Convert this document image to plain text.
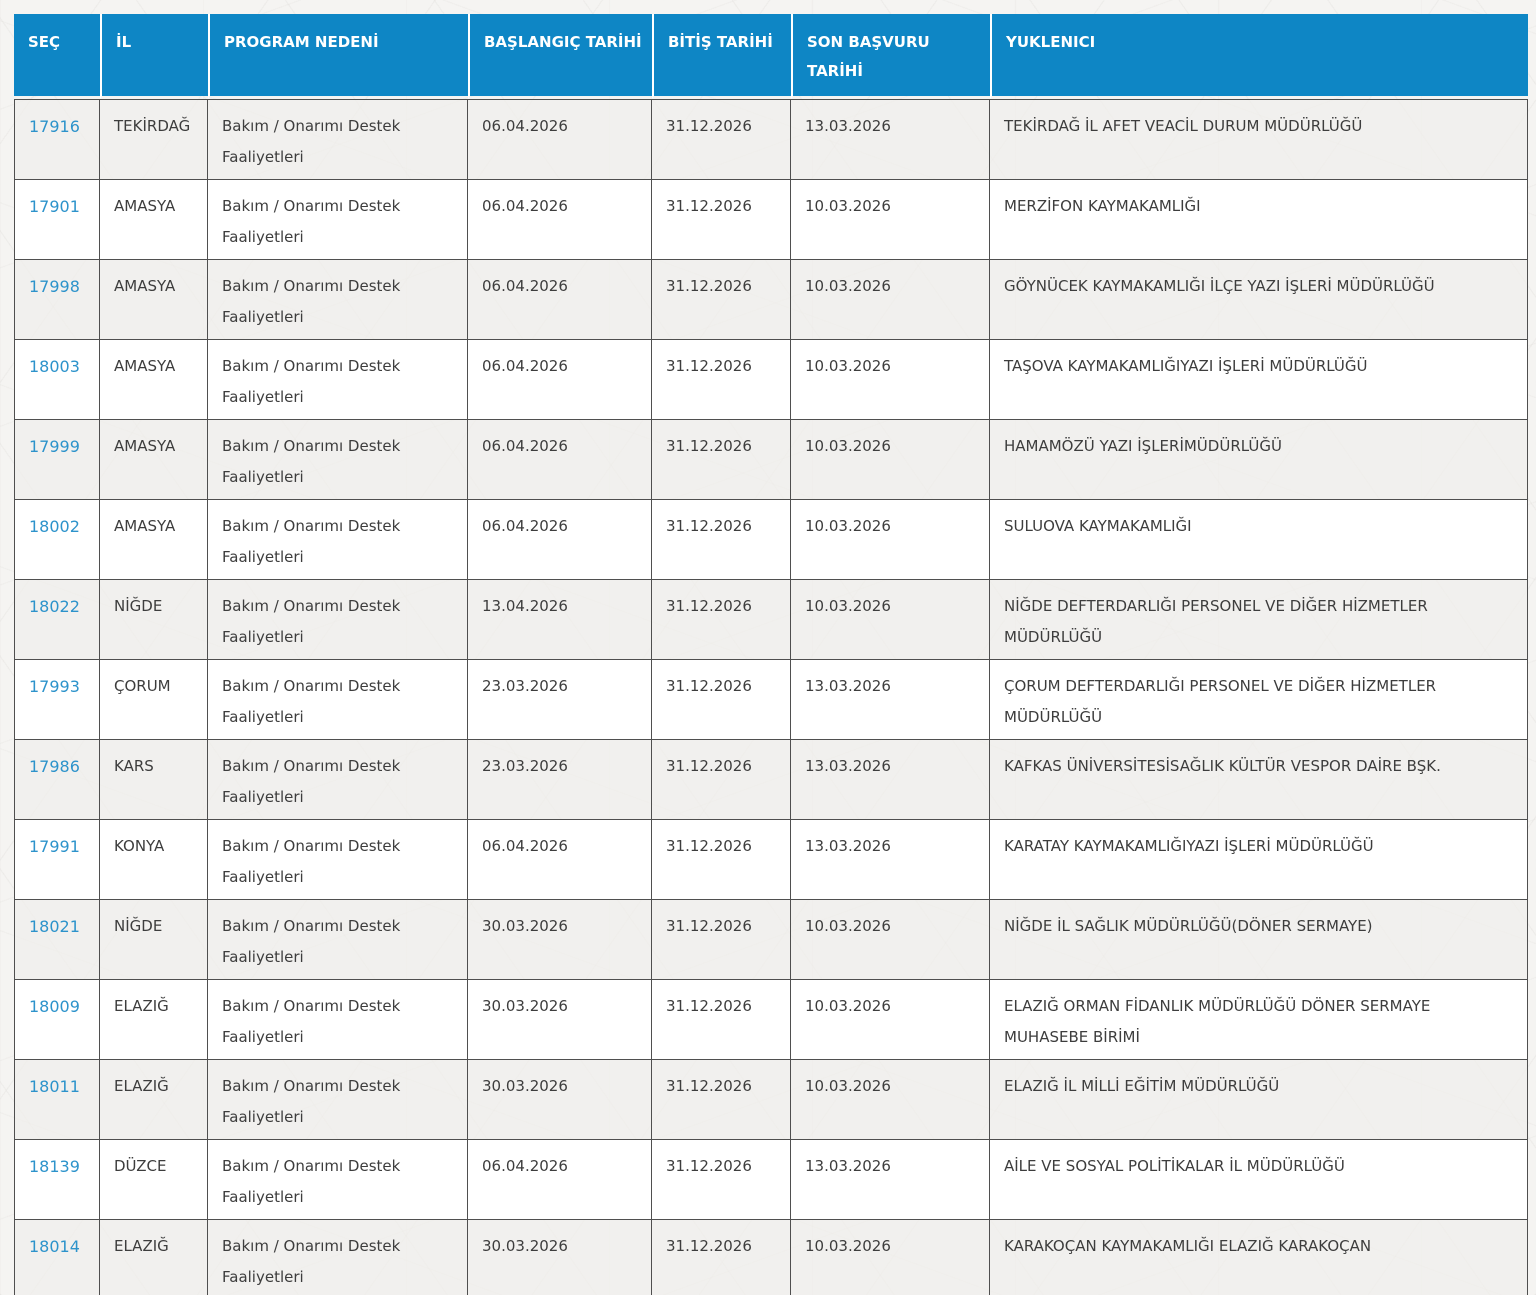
SEÇ	İL	PROGRAM NEDENİ	BAŞLANGIÇ TARİHİ	BİTİŞ TARİHİ	SON BAŞVURU TARİHİ	YUKLENICI
17916	TEKİRDAĞ	Bakım / Onarımı Destek Faaliyetleri	06.04.2026	31.12.2026	13.03.2026	TEKİRDAĞ İL AFET VEACİL DURUM MÜDÜRLÜĞÜ
17901	AMASYA	Bakım / Onarımı Destek Faaliyetleri	06.04.2026	31.12.2026	10.03.2026	MERZİFON KAYMAKAMLIĞI
17998	AMASYA	Bakım / Onarımı Destek Faaliyetleri	06.04.2026	31.12.2026	10.03.2026	GÖYNÜCEK KAYMAKAMLIĞI İLÇE YAZI İŞLERİ MÜDÜRLÜĞÜ
18003	AMASYA	Bakım / Onarımı Destek Faaliyetleri	06.04.2026	31.12.2026	10.03.2026	TAŞOVA KAYMAKAMLIĞIYAZI İŞLERİ MÜDÜRLÜĞÜ
17999	AMASYA	Bakım / Onarımı Destek Faaliyetleri	06.04.2026	31.12.2026	10.03.2026	HAMAMÖZÜ YAZI İŞLERİMÜDÜRLÜĞÜ
18002	AMASYA	Bakım / Onarımı Destek Faaliyetleri	06.04.2026	31.12.2026	10.03.2026	SULUOVA KAYMAKAMLIĞI
18022	NİĞDE	Bakım / Onarımı Destek Faaliyetleri	13.04.2026	31.12.2026	10.03.2026	NİĞDE DEFTERDARLIĞI PERSONEL VE DİĞER HİZMETLER MÜDÜRLÜĞÜ
17993	ÇORUM	Bakım / Onarımı Destek Faaliyetleri	23.03.2026	31.12.2026	13.03.2026	ÇORUM DEFTERDARLIĞI PERSONEL VE DİĞER HİZMETLER MÜDÜRLÜĞÜ
17986	KARS	Bakım / Onarımı Destek Faaliyetleri	23.03.2026	31.12.2026	13.03.2026	KAFKAS ÜNİVERSİTESİSAĞLIK KÜLTÜR VESPOR DAİRE BŞK.
17991	KONYA	Bakım / Onarımı Destek Faaliyetleri	06.04.2026	31.12.2026	13.03.2026	KARATAY KAYMAKAMLIĞIYAZI İŞLERİ MÜDÜRLÜĞÜ
18021	NİĞDE	Bakım / Onarımı Destek Faaliyetleri	30.03.2026	31.12.2026	10.03.2026	NİĞDE İL SAĞLIK MÜDÜRLÜĞÜ(DÖNER SERMAYE)
18009	ELAZIĞ	Bakım / Onarımı Destek Faaliyetleri	30.03.2026	31.12.2026	10.03.2026	ELAZIĞ ORMAN FİDANLIK MÜDÜRLÜĞÜ DÖNER SERMAYE MUHASEBE BİRİMİ
18011	ELAZIĞ	Bakım / Onarımı Destek Faaliyetleri	30.03.2026	31.12.2026	10.03.2026	ELAZIĞ İL MİLLİ EĞİTİM MÜDÜRLÜĞÜ
18139	DÜZCE	Bakım / Onarımı Destek Faaliyetleri	06.04.2026	31.12.2026	13.03.2026	AİLE VE SOSYAL POLİTİKALAR İL MÜDÜRLÜĞÜ
18014	ELAZIĞ	Bakım / Onarımı Destek Faaliyetleri	30.03.2026	31.12.2026	10.03.2026	KARAKOÇAN KAYMAKAMLIĞI ELAZIĞ KARAKOÇAN
